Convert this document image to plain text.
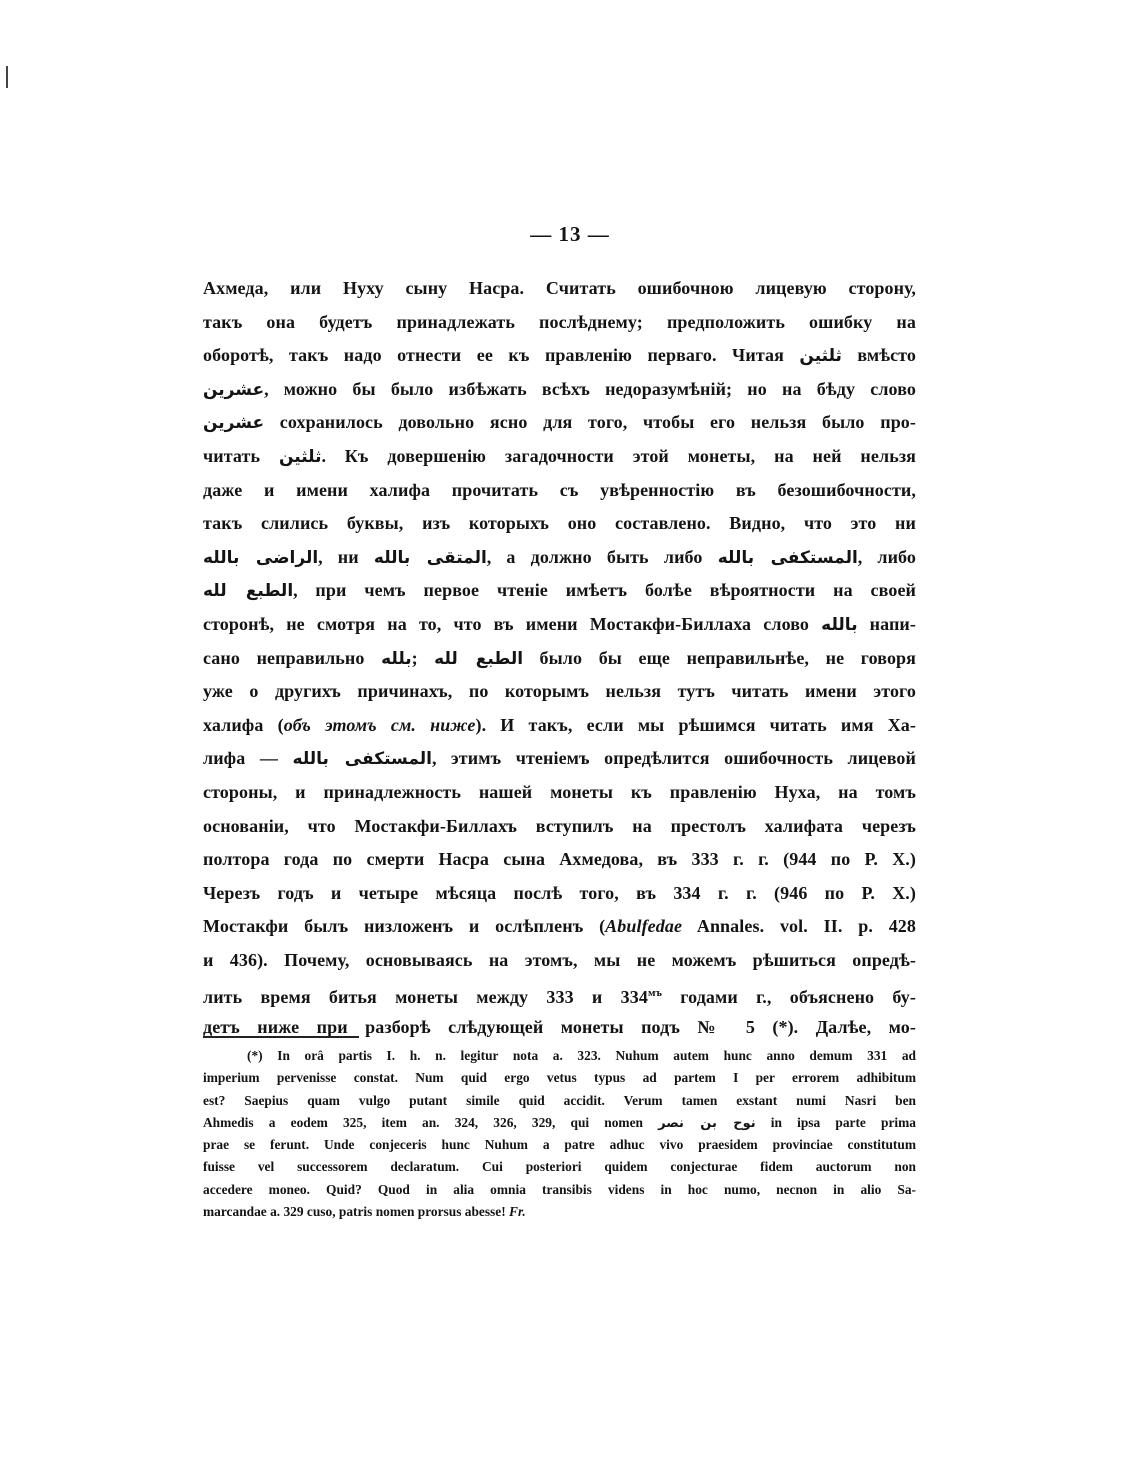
— 13 —
Ахмеда, или Нуху сыну Насра. Считать ошибочною лицевую сторону,
такъ она будетъ принадлежать послѣднему; предположить ошибку на
оборотѣ, такъ надо отнести ее къ правленію перваго. Читая ثلثين вмѣсто
عشرين, можно бы было избѣжать всѣхъ недоразумѣній; но на бѣду слово
عشرين сохранилось довольно ясно для того, чтобы его нельзя было про-
читать ثلثين. Къ довершенію загадочности этой монеты, на ней нельзя
даже и имени халифа прочитать съ увѣренностію въ безошибочности,
такъ слились буквы, изъ которыхъ оно составлено. Видно, что это ни
الراضى بالله, ни المتقى بالله, а должно быть либо المستكفى بالله, либо
الطبع لله, при чемъ первое чтеніе имѣетъ болѣе вѣроятности на своей
сторонѣ, не смотря на то, что въ имени Мостакфи-Биллаха слово بالله напи-
сано неправильно بلله; الطبع لله было бы еще неправильнѣе, не говоря
уже о другихъ причинахъ, по которымъ нельзя тутъ читать имени этого
халифа (объ этомъ см. ниже). И такъ, если мы рѣшимся читать имя Ха-
лифа — المستكفى بالله, этимъ чтеніемъ опредѣлится ошибочность лицевой
стороны, и принадлежность нашей монеты къ правленію Нуха, на томъ
основаніи, что Мостакфи-Биллахъ вступилъ на престолъ халифата черезъ
полтора года по смерти Насра сына Ахмедова, въ 333 г. г. (944 по Р. Х.)
Черезъ годъ и четыре мѣсяца послѣ того, въ 334 г. г. (946 по Р. Х.)
Мостакфи былъ низложенъ и ослѣпленъ (Abulfedae Annales. vol. II. p. 428
и 436). Почему, основываясь на этомъ, мы не можемъ рѣшиться опредѣ-
лить время битья монеты между 333 и $334^{мъ}$ годами г., объяснено бу-
детъ ниже при разборѣ слѣдующей монеты подъ № 5 (*). Далѣе, мо-
(*) In orâ partis I. h. n. legitur nota a. 323. Nuhum autem hunc anno demum 331 ad
imperium pervenisse constat. Num quid ergo vetus typus ad partem I per errorem adhibitum
est? Saepius quam vulgo putant simile quid accidit. Verum tamen exstant numi Nasri ben
Ahmedis a eodem 325, item an. 324, 326, 329, qui nomen نوح بن نصر in ipsa parte prima
prae se ferunt. Unde conjeceris hunc Nuhum a patre adhuc vivo praesidem provinciae constitutum
fuisse vel successorem declaratum. Cui posteriori quidem conjecturae fidem auctorum non
accedere moneo. Quid? Quod in alia omnia transibis videns in hoc numo, necnon in alio Sa-
marcandae a. 329 cuso, patris nomen prorsus abesse! Fr.
